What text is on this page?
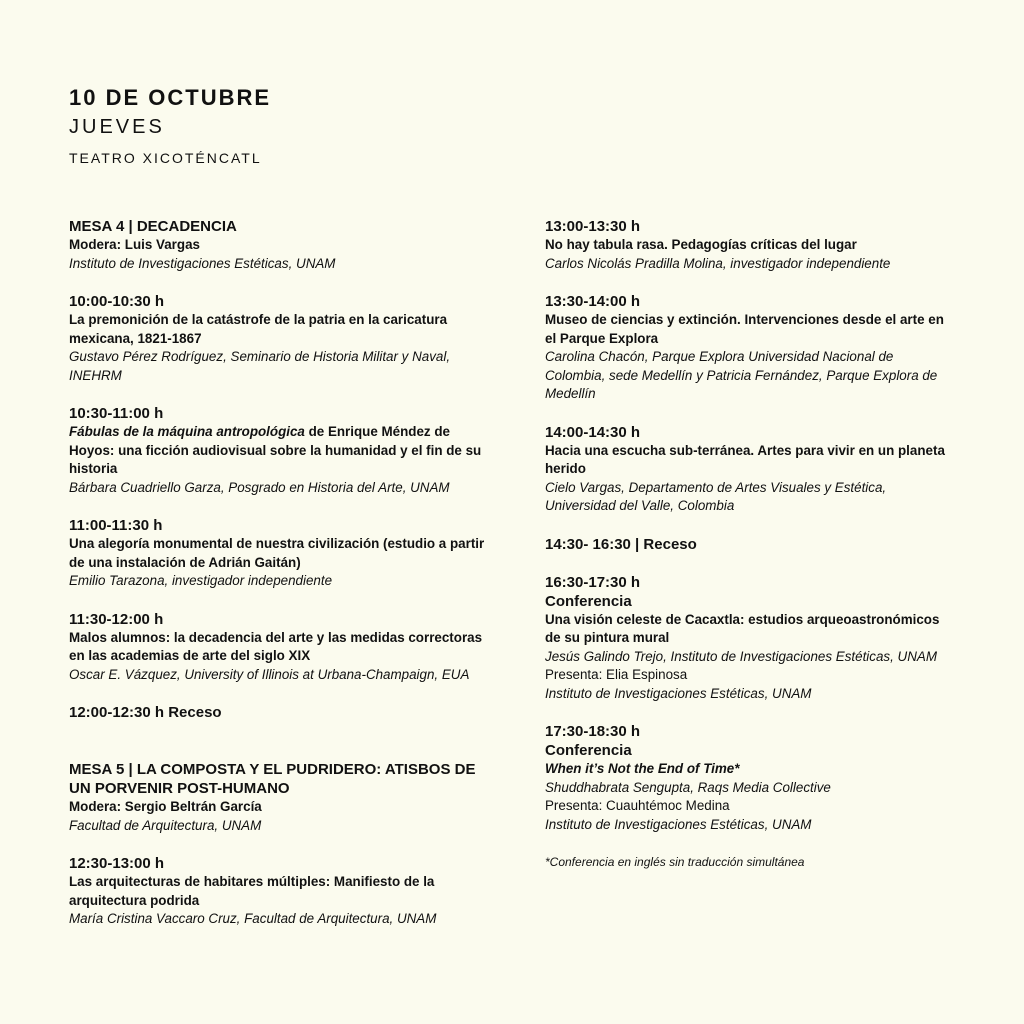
10 DE OCTUBRE
JUEVES
TEATRO XICOTÉNCATL
MESA 4 | DECADENCIA
Modera: Luis Vargas
Instituto de Investigaciones Estéticas, UNAM
10:00-10:30 h
La premonición de la catástrofe de la patria en la caricatura mexicana, 1821-1867
Gustavo Pérez Rodríguez, Seminario de Historia Militar y Naval, INEHRM
10:30-11:00 h
Fábulas de la máquina antropológica de Enrique Méndez de Hoyos: una ficción audiovisual sobre la humanidad y el fin de su historia
Bárbara Cuadriello Garza, Posgrado en Historia del Arte, UNAM
11:00-11:30 h
Una alegoría monumental de nuestra civilización (estudio a partir de una instalación de Adrián Gaitán)
Emilio Tarazona, investigador independiente
11:30-12:00 h
Malos alumnos: la decadencia del arte y las medidas correctoras en las academias de arte del siglo XIX
Oscar E. Vázquez, University of Illinois at Urbana-Champaign, EUA
12:00-12:30 h Receso
MESA 5 | LA COMPOSTA Y EL PUDRIDERO: ATISBOS DE UN PORVENIR POST-HUMANO
Modera: Sergio Beltrán García
Facultad de Arquitectura, UNAM
12:30-13:00 h
Las arquitecturas de habitares múltiples: Manifiesto de la arquitectura podrida
María Cristina Vaccaro Cruz, Facultad de Arquitectura, UNAM
13:00-13:30 h
No hay tabula rasa. Pedagogías críticas del lugar
Carlos Nicolás Pradilla Molina, investigador independiente
13:30-14:00 h
Museo de ciencias y extinción. Intervenciones desde el arte en el Parque Explora
Carolina Chacón, Parque Explora Universidad Nacional de Colombia, sede Medellín y Patricia Fernández, Parque Explora de Medellín
14:00-14:30 h
Hacia una escucha sub-terránea. Artes para vivir en un planeta herido
Cielo Vargas, Departamento de Artes Visuales y Estética, Universidad del Valle, Colombia
14:30- 16:30 | Receso
16:30-17:30 h
Conferencia
Una visión celeste de Cacaxtla: estudios arqueoastronómicos de su pintura mural
Jesús Galindo Trejo, Instituto de Investigaciones Estéticas, UNAM
Presenta: Elia Espinosa
Instituto de Investigaciones Estéticas, UNAM
17:30-18:30 h
Conferencia
When it’s Not the End of Time*
Shuddhabrata Sengupta, Raqs Media Collective
Presenta: Cuauhtémoc Medina
Instituto de Investigaciones Estéticas, UNAM
*Conferencia en inglés sin traducción simultánea
